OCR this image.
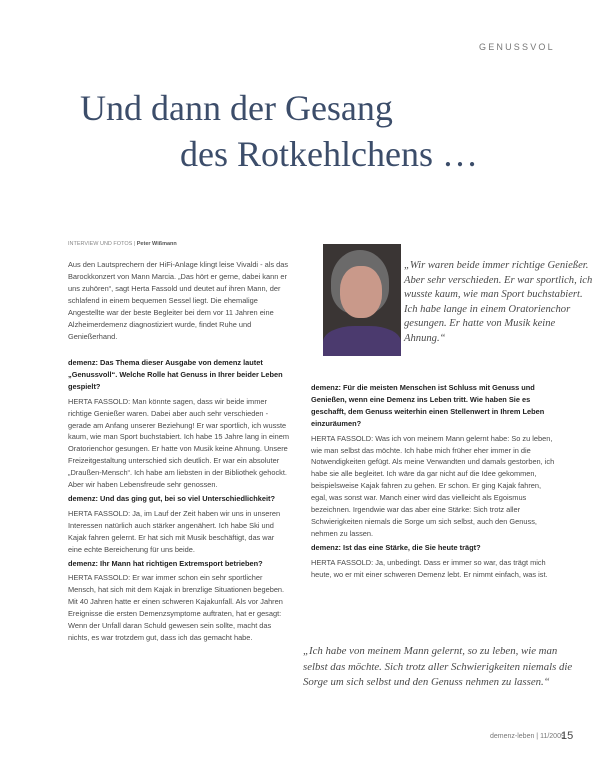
GENUSSVOL
Und dann der Gesang
des Rotkehlchens …
INTERVIEW UND FOTOS | Peter Wißmann
„Wir waren beide immer richtige Genießer. Aber sehr verschieden. Er war sportlich, ich wusste kaum, wie man Sport buchstabiert. Ich habe lange in einem Oratorienchor gesungen. Er hatte von Musik keine Ahnung.“
Aus den Lautsprechern der HiFi-Anlage klingt leise Vivaldi - als das Barockkonzert von Mann Marcia. „Das hört er gerne, dabei kann er uns zuhören“, sagt Herta Fassold und deutet auf ihren Mann, der schlafend in einem bequemen Sessel liegt. Die ehemalige Angestellte war der beste Begleiter bei dem vor 11 Jahren eine Alzheimerdemenz diagnostiziert wurde, findet Ruhe und Genießerhand.

demenz: Das Thema dieser Ausgabe von demenz lautet „Genussvoll“. Welche Rolle hat Genuss in Ihrer beider Leben gespielt?

HERTA FASSOLD: Man könnte sagen, dass wir beide immer richtige Genießer waren. Dabei aber auch sehr verschieden - gerade am Anfang unserer Beziehung! Er war sportlich, ich wusste kaum, wie man Sport buchstabiert. Ich habe 15 Jahre lang in einem Oratorienchor gesungen. Er hatte von Musik keine Ahnung. Unsere Freizeitgestaltung unterschied sich deutlich. Er war ein absoluter „Draußen-Mensch“. Ich habe am liebsten in der Bibliothek gehockt. Aber wir haben Lebensfreude sehr genossen.

demenz: Und das ging gut, bei so viel Unterschiedlichkeit?

HERTA FASSOLD: Ja, im Lauf der Zeit haben wir uns in unseren Interessen natürlich auch stärker angenähert. Ich habe Ski und Kajak fahren gelernt. Er hat sich mit Musik beschäftigt, das war eine echte Bereicherung für uns beide.

demenz: Ihr Mann hat richtigen Extremsport betrieben?

HERTA FASSOLD: Er war immer schon ein sehr sportlicher Mensch, hat sich mit dem Kajak in brenzlige Situationen begeben. Mit 40 Jahren hatte er einen schweren Kajakunfall. Als vor Jahren Ereignisse die ersten Demenzsymptome auftraten, hat er gesagt: Wenn der Unfall daran Schuld gewesen sein sollte, macht das nichts, es war trotzdem gut, dass ich das gemacht habe.

demenz: Für die meisten Menschen ist Schluss mit Genuss und Genießen, wenn eine Demenz ins Leben tritt. Wie haben Sie es geschafft, dem Genuss weiterhin einen Stellenwert in Ihrem Leben einzuräumen?

HERTA FASSOLD: Was ich von meinem Mann gelernt habe: So zu leben, wie man selbst das möchte. Ich habe mich früher eher immer in die Notwendigkeiten gefügt. Als meine Verwandten und damals gestorben, ich habe sie alle begleitet. Ich wäre da gar nicht auf die Idee gekommen, beispielsweise Kajak fahren zu gehen. Er schon. Er ging Kajak fahren, egal, was sonst war. Manch einer wird das vielleicht als Egoismus bezeichnen. Irgendwie war das aber eine Stärke: Sich trotz aller Schwierigkeiten niemals die Sorge um sich selbst, auch den Genuss, nehmen zu lassen.

demenz: Ist das eine Stärke, die Sie heute trägt?

HERTA FASSOLD: Ja, unbedingt. Dass er immer so war, das trägt mich heute, wo er mit einer schweren Demenz lebt. Er nimmt einfach, was ist.

„Ich habe von meinem Mann gelernt, so zu leben, wie man selbst das möchte. Sich trotz aller Schwierigkeiten niemals die Sorge um sich selbst und den Genuss nehmen zu lassen.“
demenz-leben | 11/2009
15
